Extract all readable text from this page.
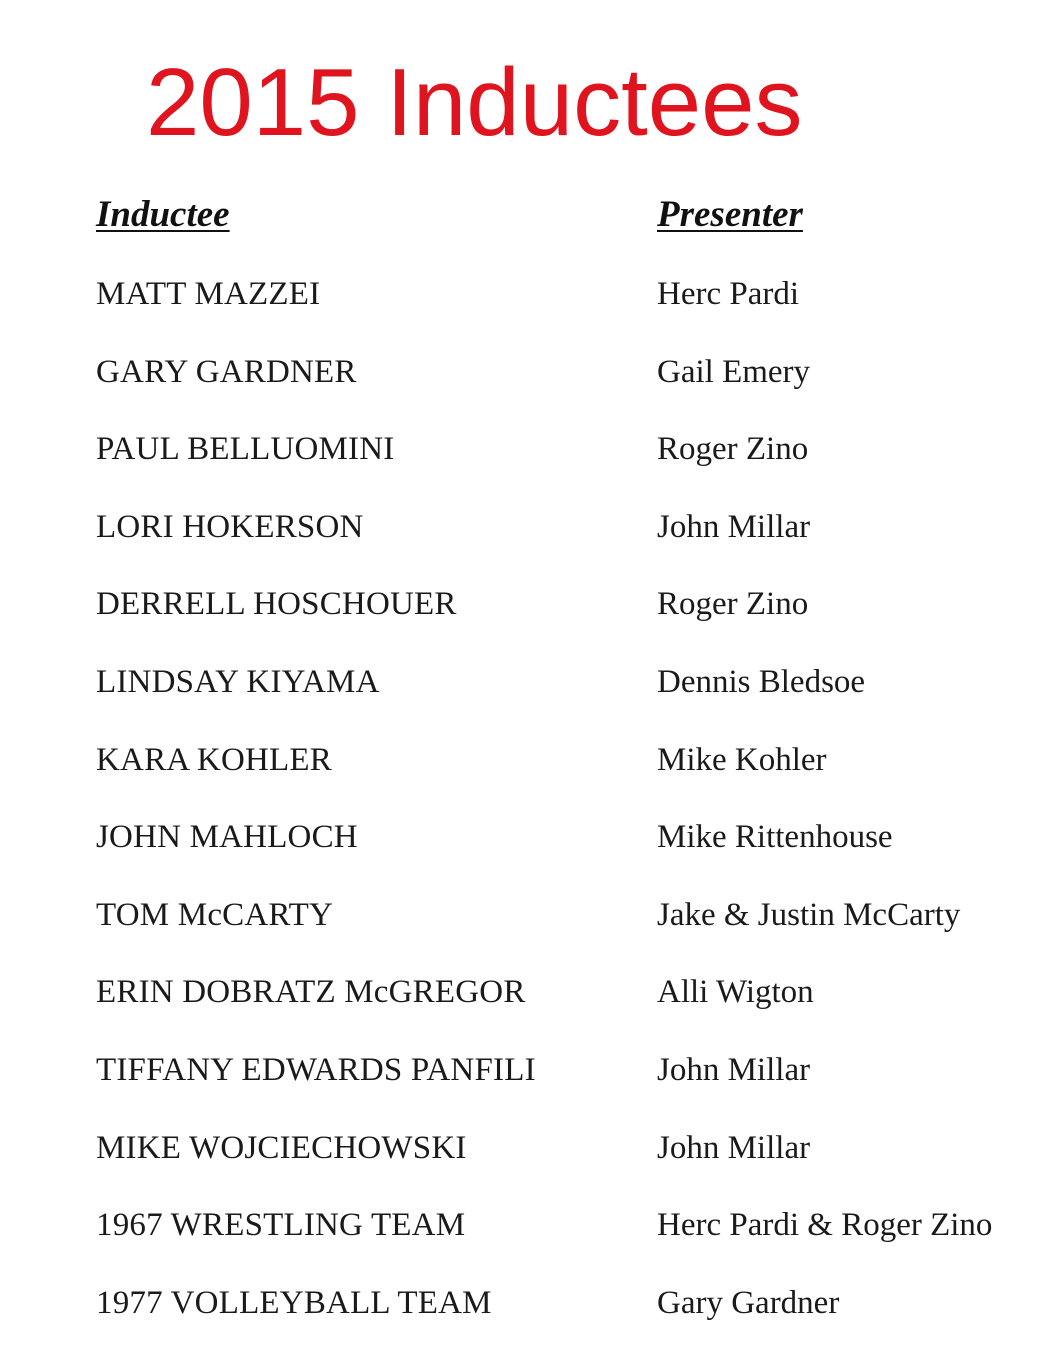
2015 Inductees
Inductee	Presenter
MATT MAZZEI	Herc Pardi
GARY GARDNER	Gail Emery
PAUL BELLUOMINI	Roger Zino
LORI HOKERSON	John Millar
DERRELL HOSCHOUER	Roger Zino
LINDSAY KIYAMA	Dennis Bledsoe
KARA KOHLER	Mike Kohler
JOHN MAHLOCH	Mike Rittenhouse
TOM McCARTY	Jake & Justin McCarty
ERIN DOBRATZ McGREGOR	Alli Wigton
TIFFANY EDWARDS PANFILI	John Millar
MIKE WOJCIECHOWSKI	John Millar
1967 WRESTLING TEAM	Herc Pardi & Roger Zino
1977 VOLLEYBALL TEAM	Gary Gardner
